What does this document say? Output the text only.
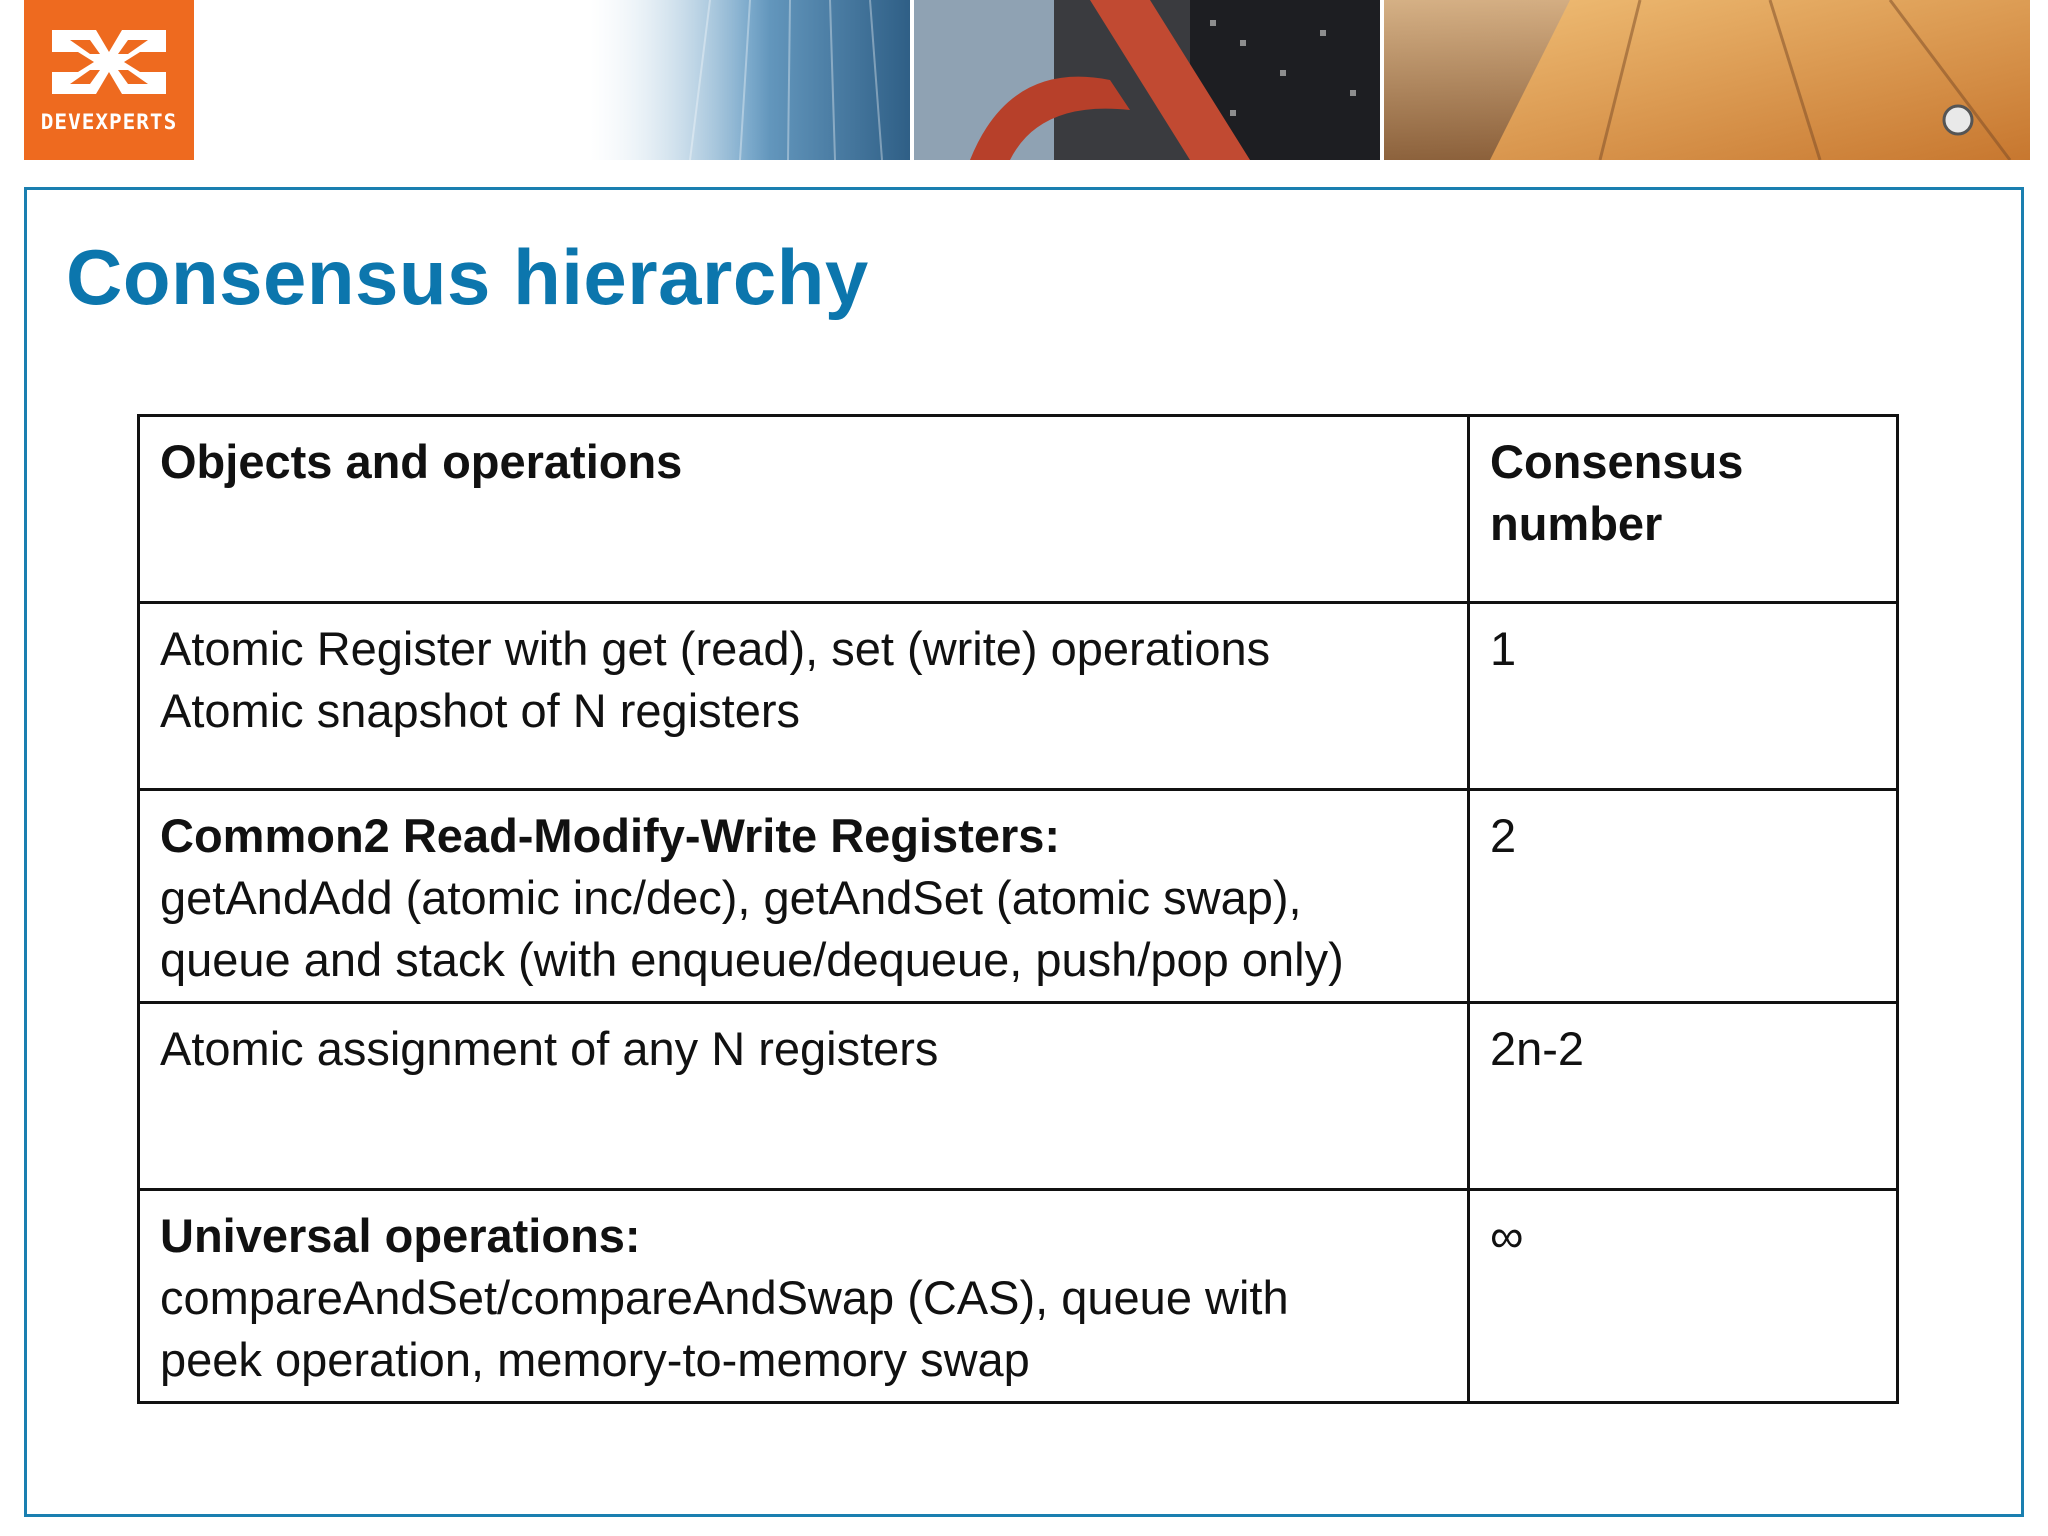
DEVEXPERTS
Consensus hierarchy
Objects and operations	Consensus number

Atomic Register with get (read), set (write) operations
Atomic snapshot of N registers	1

Common2 Read-Modify-Write Registers:
getAndAdd (atomic inc/dec), getAndSet (atomic swap),
queue and stack (with enqueue/dequeue, push/pop only)	2

Atomic assignment of any N registers	2n-2

Universal operations:
compareAndSet/compareAndSwap (CAS), queue with
peek operation, memory-to-memory swap	∞
